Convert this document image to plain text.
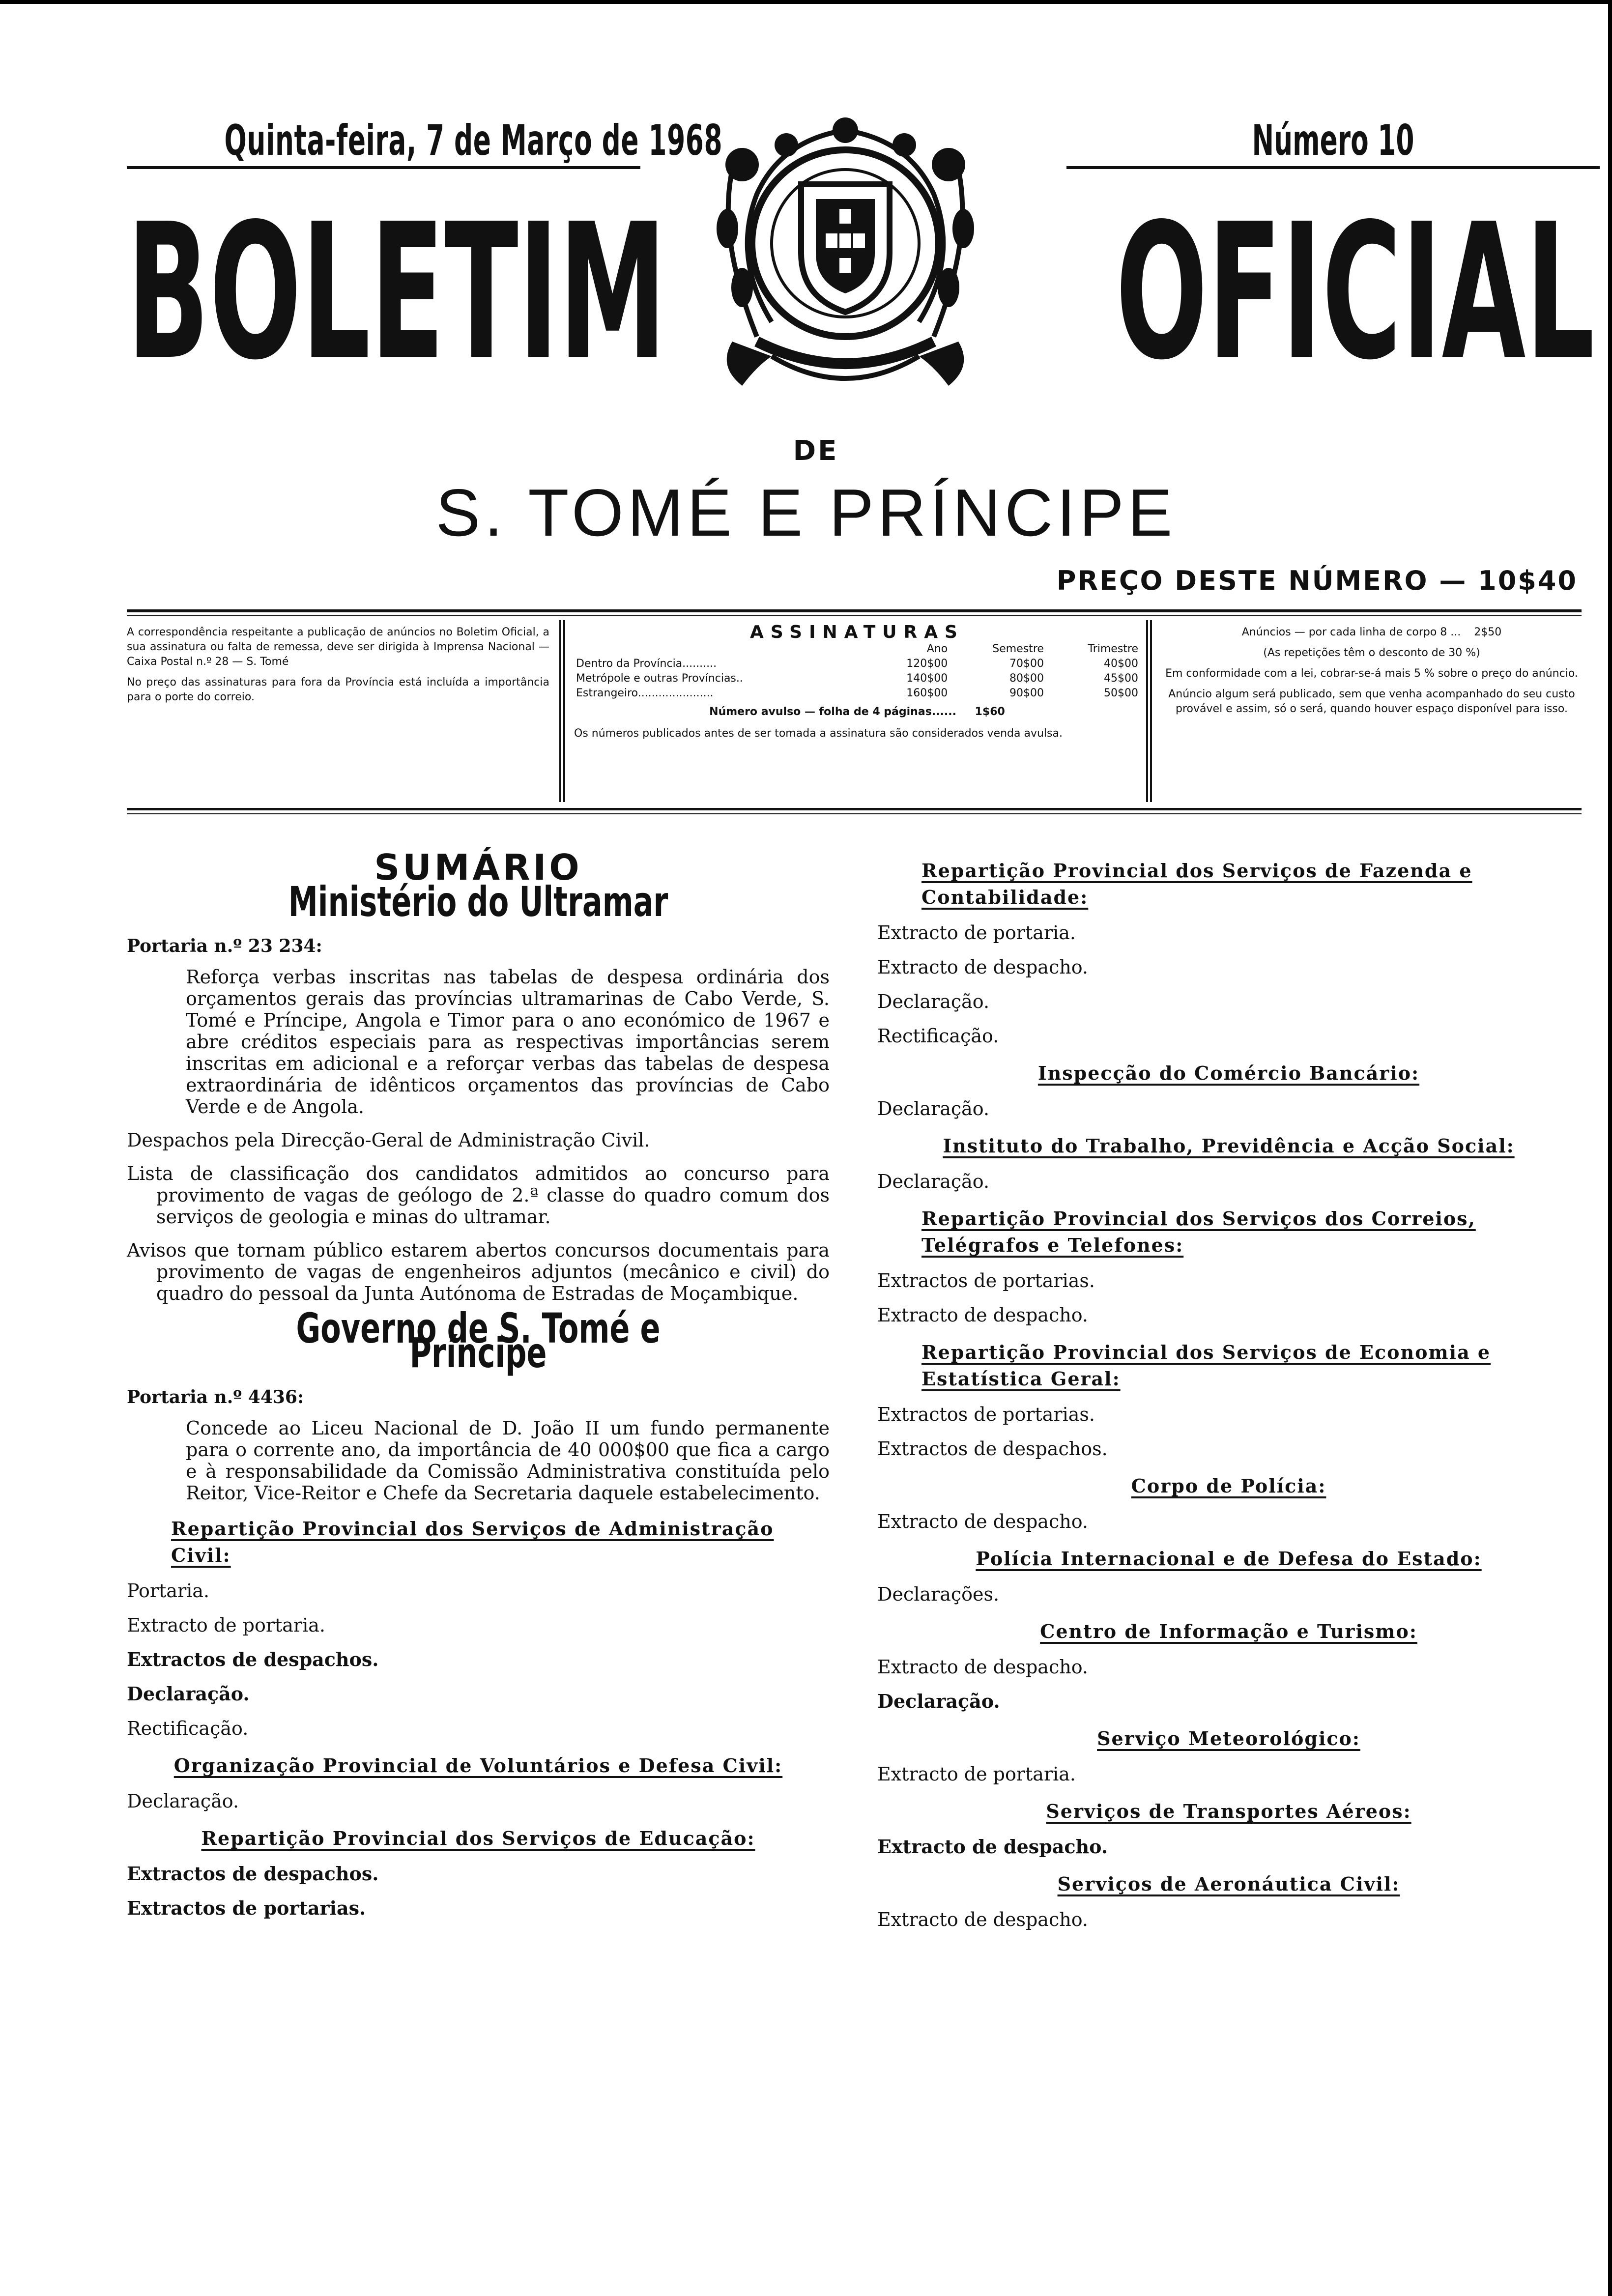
Quinta-feira, 7 de Março de 1968	Número 10
BOLETIM OFICIAL
DE
S. TOMÉ E PRÍNCIPE
PREÇO DESTE NÚMERO — 10$40

A correspondência respeitante a publicação de anúncios no Boletim Oficial, a sua assinatura ou falta de remessa, deve ser dirigida à Imprensa Nacional — Caixa Postal n.º 28 — S. Tomé

No preço das assinaturas para fora da Província está incluída a importância para o porte do correio.

ASSINATURAS
	Ano	Semestre	Trimestre
Dentro da Província..........	120$00	70$00	40$00
Metrópole e outras Províncias..	140$00	80$00	45$00
Estrangeiro......................	160$00	90$00	50$00
Número avulso — folha de 4 páginas...... 1$60

Os números publicados antes de ser tomada a assinatura são considerados venda avulsa.

Anúncios — por cada linha de corpo 8 ... 2$50

(As repetições têm o desconto de 30 %)

Em conformidade com a lei, cobrar-se-á mais 5 % sobre o preço do anúncio.

Anúncio algum será publicado, sem que venha acompanhado do seu custo provável e assim, só o será, quando houver espaço disponível para isso.

SUMÁRIO
Ministério do Ultramar
Portaria n.º 23 234:

Reforça verbas inscritas nas tabelas de despesa ordinária dos orçamentos gerais das províncias ultramarinas de Cabo Verde, S. Tomé e Príncipe, Angola e Timor para o ano económico de 1967 e abre créditos especiais para as respectivas importâncias serem inscritas em adicional e a reforçar verbas das tabelas de despesa extraordinária de idênticos orçamentos das províncias de Cabo Verde e de Angola.

Despachos pela Direcção-Geral de Administração Civil.

Lista de classificação dos candidatos admitidos ao concurso para provimento de vagas de geólogo de 2.ª classe do quadro comum dos serviços de geologia e minas do ultramar.

Avisos que tornam público estarem abertos concursos documentais para provimento de vagas de engenheiros adjuntos (mecânico e civil) do quadro do pessoal da Junta Autónoma de Estradas de Moçambique.

Governo de S. Tomé e Príncipe
Portaria n.º 4436:

Concede ao Liceu Nacional de D. João II um fundo permanente para o corrente ano, da importância de 40 000$00 que fica a cargo e à responsabilidade da Comissão Administrativa constituída pelo Reitor, Vice-Reitor e Chefe da Secretaria daquele estabelecimento.

Repartição Provincial dos Serviços de Administração Civil:
Portaria.
Extracto de portaria.
Extractos de despachos.
Declaração.
Rectificação.
Organização Provincial de Voluntários e Defesa Civil:
Declaração.
Repartição Provincial dos Serviços de Educação:
Extractos de despachos.
Extractos de portarias.
Repartição Provincial dos Serviços de Fazenda e Contabilidade:
Extracto de portaria.
Extracto de despacho.
Declaração.
Rectificação.
Inspecção do Comércio Bancário:
Declaração.
Instituto do Trabalho, Previdência e Acção Social:
Declaração.
Repartição Provincial dos Serviços dos Correios, Telégrafos e Telefones:
Extractos de portarias.
Extracto de despacho.
Repartição Provincial dos Serviços de Economia e Estatística Geral:
Extractos de portarias.
Extractos de despachos.
Corpo de Polícia:
Extracto de despacho.
Polícia Internacional e de Defesa do Estado:
Declarações.
Centro de Informação e Turismo:
Extracto de despacho.
Declaração.
Serviço Meteorológico:
Extracto de portaria.
Serviços de Transportes Aéreos:
Extracto de despacho.
Serviços de Aeronáutica Civil:
Extracto de despacho.
